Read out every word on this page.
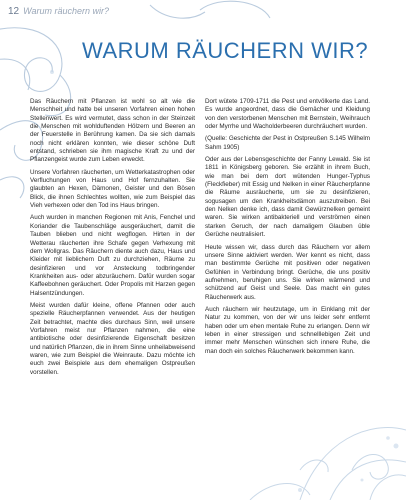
12 Warum räuchern wir?
WARUM RÄUCHERN WIR?

Das Räuchern mit Pflanzen ist wohl so alt wie die Menschheit und hatte bei unseren Vorfahren einen hohen Stellenwert. Es wird vermutet, dass schon in der Steinzeit die Menschen mit wohlduftenden Hölzern und Beeren an der Feuerstelle in Berührung kamen. Da sie sich damals noch nicht erklären konnten, wie dieser schöne Duft entstand, schrieben sie ihm magische Kraft zu und der Pflanzengeist wurde zum Leben erweckt.

Unsere Vorfahren räucherten, um Wetterkatastrophen oder Verfluchungen von Haus und Hof fernzuhalten. Sie glaubten an Hexen, Dämonen, Geister und den Bösen Blick, die ihnen Schlechtes wollten, wie zum Beispiel das Vieh verhexen oder den Tod ins Haus bringen.

Auch wurden in manchen Regionen mit Anis, Fenchel und Koriander die Taubenschläge ausgeräuchert, damit die Tauben blieben und nicht wegflogen. Hirten in der Wetterau räucherten ihre Schafe gegen Verhexung mit dem Wollgras. Das Räuchern diente auch dazu, Haus und Kleider mit lieblichem Duft zu durchziehen, Räume zu desinfizieren und vor Ansteckung todbringender Krankheiten aus- oder abzuräuchern. Dafür wurden sogar Kaffeebohnen geräuchert. Oder Propolis mit Harzen gegen Halsentzündungen.

Meist wurden dafür kleine, offene Pfannen oder auch spezielle Räucherpfannen verwendet. Aus der heutigen Zeit betrachtet, machte dies durchaus Sinn, weil unsere Vorfahren meist nur Pflanzen nahmen, die eine antibiotische oder desinfizierende Eigenschaft besitzen und natürlich Pflanzen, die in ihrem Sinne unheilabweisend waren, wie zum Beispiel die Weinraute. Dazu möchte ich euch zwei Beispiele aus dem ehemaligen Ostpreußen vorstellen.

Dort wütete 1709-1711 die Pest und entvölkerte das Land. Es wurde angeordnet, dass die Gemächer und Kleidung von den verstorbenen Menschen mit Bernstein, Weihrauch oder Myrrhe und Wacholderbeeren durchräuchert wurden.

(Quelle: Geschichte der Pest in Ostpreußen S.145 Wilhelm Sahm 1905)

Oder aus der Lebensgeschichte der Fanny Lewald. Sie ist 1811 in Königsberg geboren. Sie erzählt in ihrem Buch, wie man bei dem dort wütenden Hunger-Typhus (Fleckfieber) mit Essig und Nelken in einer Räucherpfanne die Räume ausräucherte, um sie zu desinfizieren, sogusagen um den Krankheitsdämon auszutreiben. Bei den Nelken denke ich, dass damit Gewürznelken gemeint waren. Sie wirken antibakteriell und verströmen einen starken Geruch, der nach damaligem Glauben üble Gerüche neutralisiert.

Heute wissen wir, dass durch das Räuchern vor allem unsere Sinne aktiviert werden. Wer kennt es nicht, dass man bestimmte Gerüche mit positiven oder negativen Gefühlen in Verbindung bringt. Gerüche, die uns positiv aufnehmen, beruhigen uns. Sie wirken wärmend und schützend auf Geist und Seele. Das macht ein gutes Räucherwerk aus.

Auch räuchern wir heutzutage, um in Einklang mit der Natur zu kommen, von der wir uns leider sehr entfernt haben oder um ehen mentale Ruhe zu erlangen. Denn wir leben in einer stressigen und schnelllebigen Zeit und immer mehr Menschen wünschen sich innere Ruhe, die man doch ein solches Räucherwerk bekommen kann.
